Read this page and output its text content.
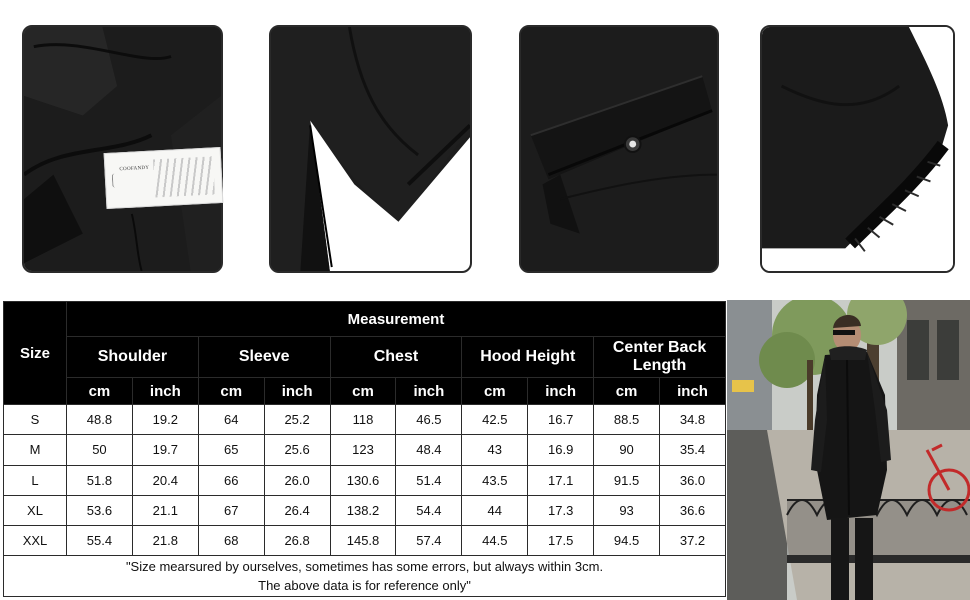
COOFANDY
Size	Measurement									
	Shoulder		Sleeve		Chest		Hood Height		Center Back Length	
	cm	inch	cm	inch	cm	inch	cm	inch	cm	inch
S	48.8	19.2	64	25.2	118	46.5	42.5	16.7	88.5	34.8
M	50	19.7	65	25.6	123	48.4	43	16.9	90	35.4
L	51.8	20.4	66	26.0	130.6	51.4	43.5	17.1	91.5	36.0
XL	53.6	21.1	67	26.4	138.2	54.4	44	17.3	93	36.6
XXL	55.4	21.8	68	26.8	145.8	57.4	44.5	17.5	94.5	37.2
"Size mearsured by ourselves, sometimes has some errors, but always within 3cm.
The above data is for reference only"										
